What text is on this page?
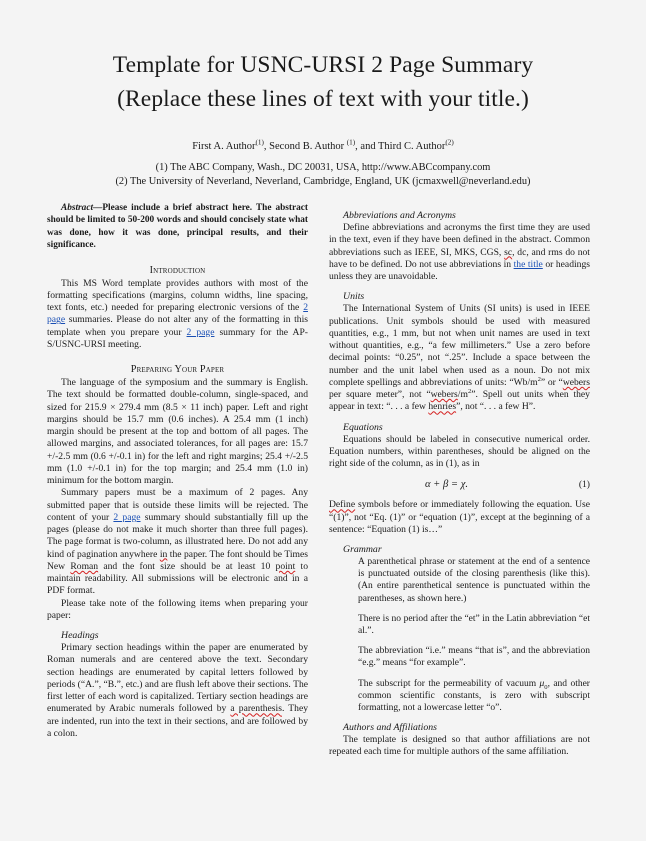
Template for USNC-URSI 2 Page Summary
(Replace these lines of text with your title.)
First A. Author$^{(1)}$, Second B. Author $^{(1)}$, and Third C. Author$^{(2)}$
(1) The ABC Company, Wash., DC 20031, USA, http://www.ABCcompany.com
(2) The University of Neverland, Neverland, Cambridge, England, UK (jcmaxwell@neverland.edu)

Abstract—Please include a brief abstract here. The abstract should be limited to 50-200 words and should concisely state what was done, how it was done, principal results, and their significance.

Introduction

This MS Word template provides authors with most of the formatting specifications (margins, column widths, line spacing, text fonts, etc.) needed for preparing electronic versions of the 2 page summaries. Please do not alter any of the formatting in this template when you prepare your 2 page summary for the AP-S/USNC-URSI meeting.

Preparing Your Paper

The language of the symposium and the summary is English. The text should be formatted double-column, single-spaced, and sized for 215.9 × 279.4 mm (8.5 × 11 inch) paper. Left and right margins should be 15.7 mm (0.6 inches). A 25.4 mm (1 inch) margin should be present at the top and bottom of all pages. The allowed margins, and associated tolerances, for all pages are: 15.7 +/-2.5 mm (0.6 +/-0.1 in) for the left and right margins; 25.4 +/-2.5 mm (1.0 +/-0.1 in) for the top margin; and 25.4 mm (1.0 in) minimum for the bottom margin.

Summary papers must be a maximum of 2 pages. Any submitted paper that is outside these limits will be rejected. The content of your 2 page summary should substantially fill up the pages (please do not make it much shorter than three full pages). The page format is two-column, as illustrated here. Do not add any kind of pagination anywhere in the paper. The font should be Times New Roman and the font size should be at least 10 point to maintain readability. All submissions will be electronic and in a PDF format.

Please take note of the following items when preparing your paper:

Headings

Primary section headings within the paper are enumerated by Roman numerals and are centered above the text. Secondary section headings are enumerated by capital letters followed by periods (“A.”, “B.”, etc.) and are flush left above their sections. The first letter of each word is capitalized. Tertiary section headings are enumerated by Arabic numerals followed by a parenthesis. They are indented, run into the text in their sections, and are followed by a colon.

Abbreviations and Acronyms

Define abbreviations and acronyms the first time they are used in the text, even if they have been defined in the abstract. Common abbreviations such as IEEE, SI, MKS, CGS, sc, dc, and rms do not have to be defined. Do not use abbreviations in the title or headings unless they are unavoidable.

Units

The International System of Units (SI units) is used in IEEE publications. Unit symbols should be used with measured quantities, e.g., 1 mm, but not when unit names are used in text without quantities, e.g., “a few millimeters.” Use a zero before decimal points: “0.25”, not “.25”. Include a space between the number and the unit label when used as a noun. Do not mix complete spellings and abbreviations of units: “$Wb/m^2$” or “webers per square meter”, not “$webers/m^2$”. Spell out units when they appear in text: “. . . a few henries”, not “. . . a few H”.

Equations

Equations should be labeled in consecutive numerical order. Equation numbers, within parentheses, should be aligned on the right side of the column, as in (1), as in

α + β = χ.	(1)

Define symbols before or immediately following the equation. Use “(1)”, not “Eq. (1)” or “equation (1)”, except at the beginning of a sentence: “Equation (1) is…”

Grammar

A parenthetical phrase or statement at the end of a sentence is punctuated outside of the closing parenthesis (like this). (An entire parenthetical sentence is punctuated within the parentheses, as shown here.)

There is no period after the “et” in the Latin abbreviation “et al.”.

The abbreviation “i.e.” means “that is”, and the abbreviation “e.g.” means “for example”.

The subscript for the permeability of vacuum $\mu_0$, and other common scientific constants, is zero with subscript formatting, not a lowercase letter “o”.

Authors and Affiliations

The template is designed so that author affiliations are not repeated each time for multiple authors of the same affiliation.
